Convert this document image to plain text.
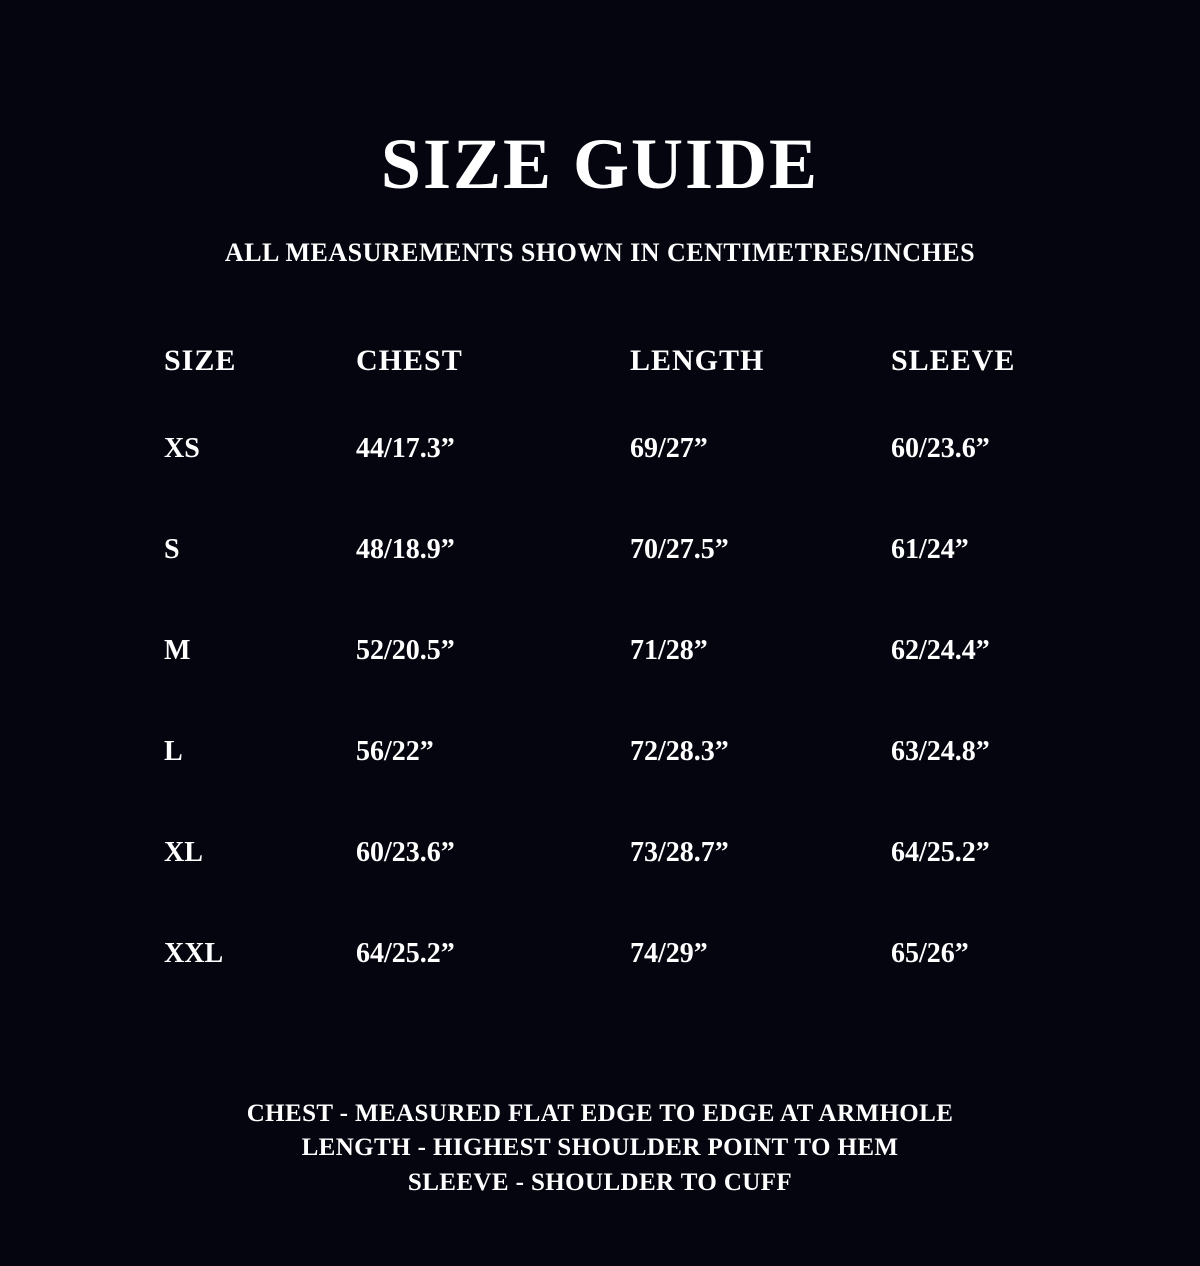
SIZE GUIDE
ALL MEASUREMENTS SHOWN IN CENTIMETRES/INCHES
SIZE	CHEST	LENGTH	SLEEVE
XS	44/17.3”	69/27”	60/23.6”
S	48/18.9”	70/27.5”	61/24”
M	52/20.5”	71/28”	62/24.4”
L	56/22”	72/28.3”	63/24.8”
XL	60/23.6”	73/28.7”	64/25.2”
XXL	64/25.2”	74/29”	65/26”
CHEST - MEASURED FLAT EDGE TO EDGE AT ARMHOLE
LENGTH - HIGHEST SHOULDER POINT TO HEM
SLEEVE - SHOULDER TO CUFF
